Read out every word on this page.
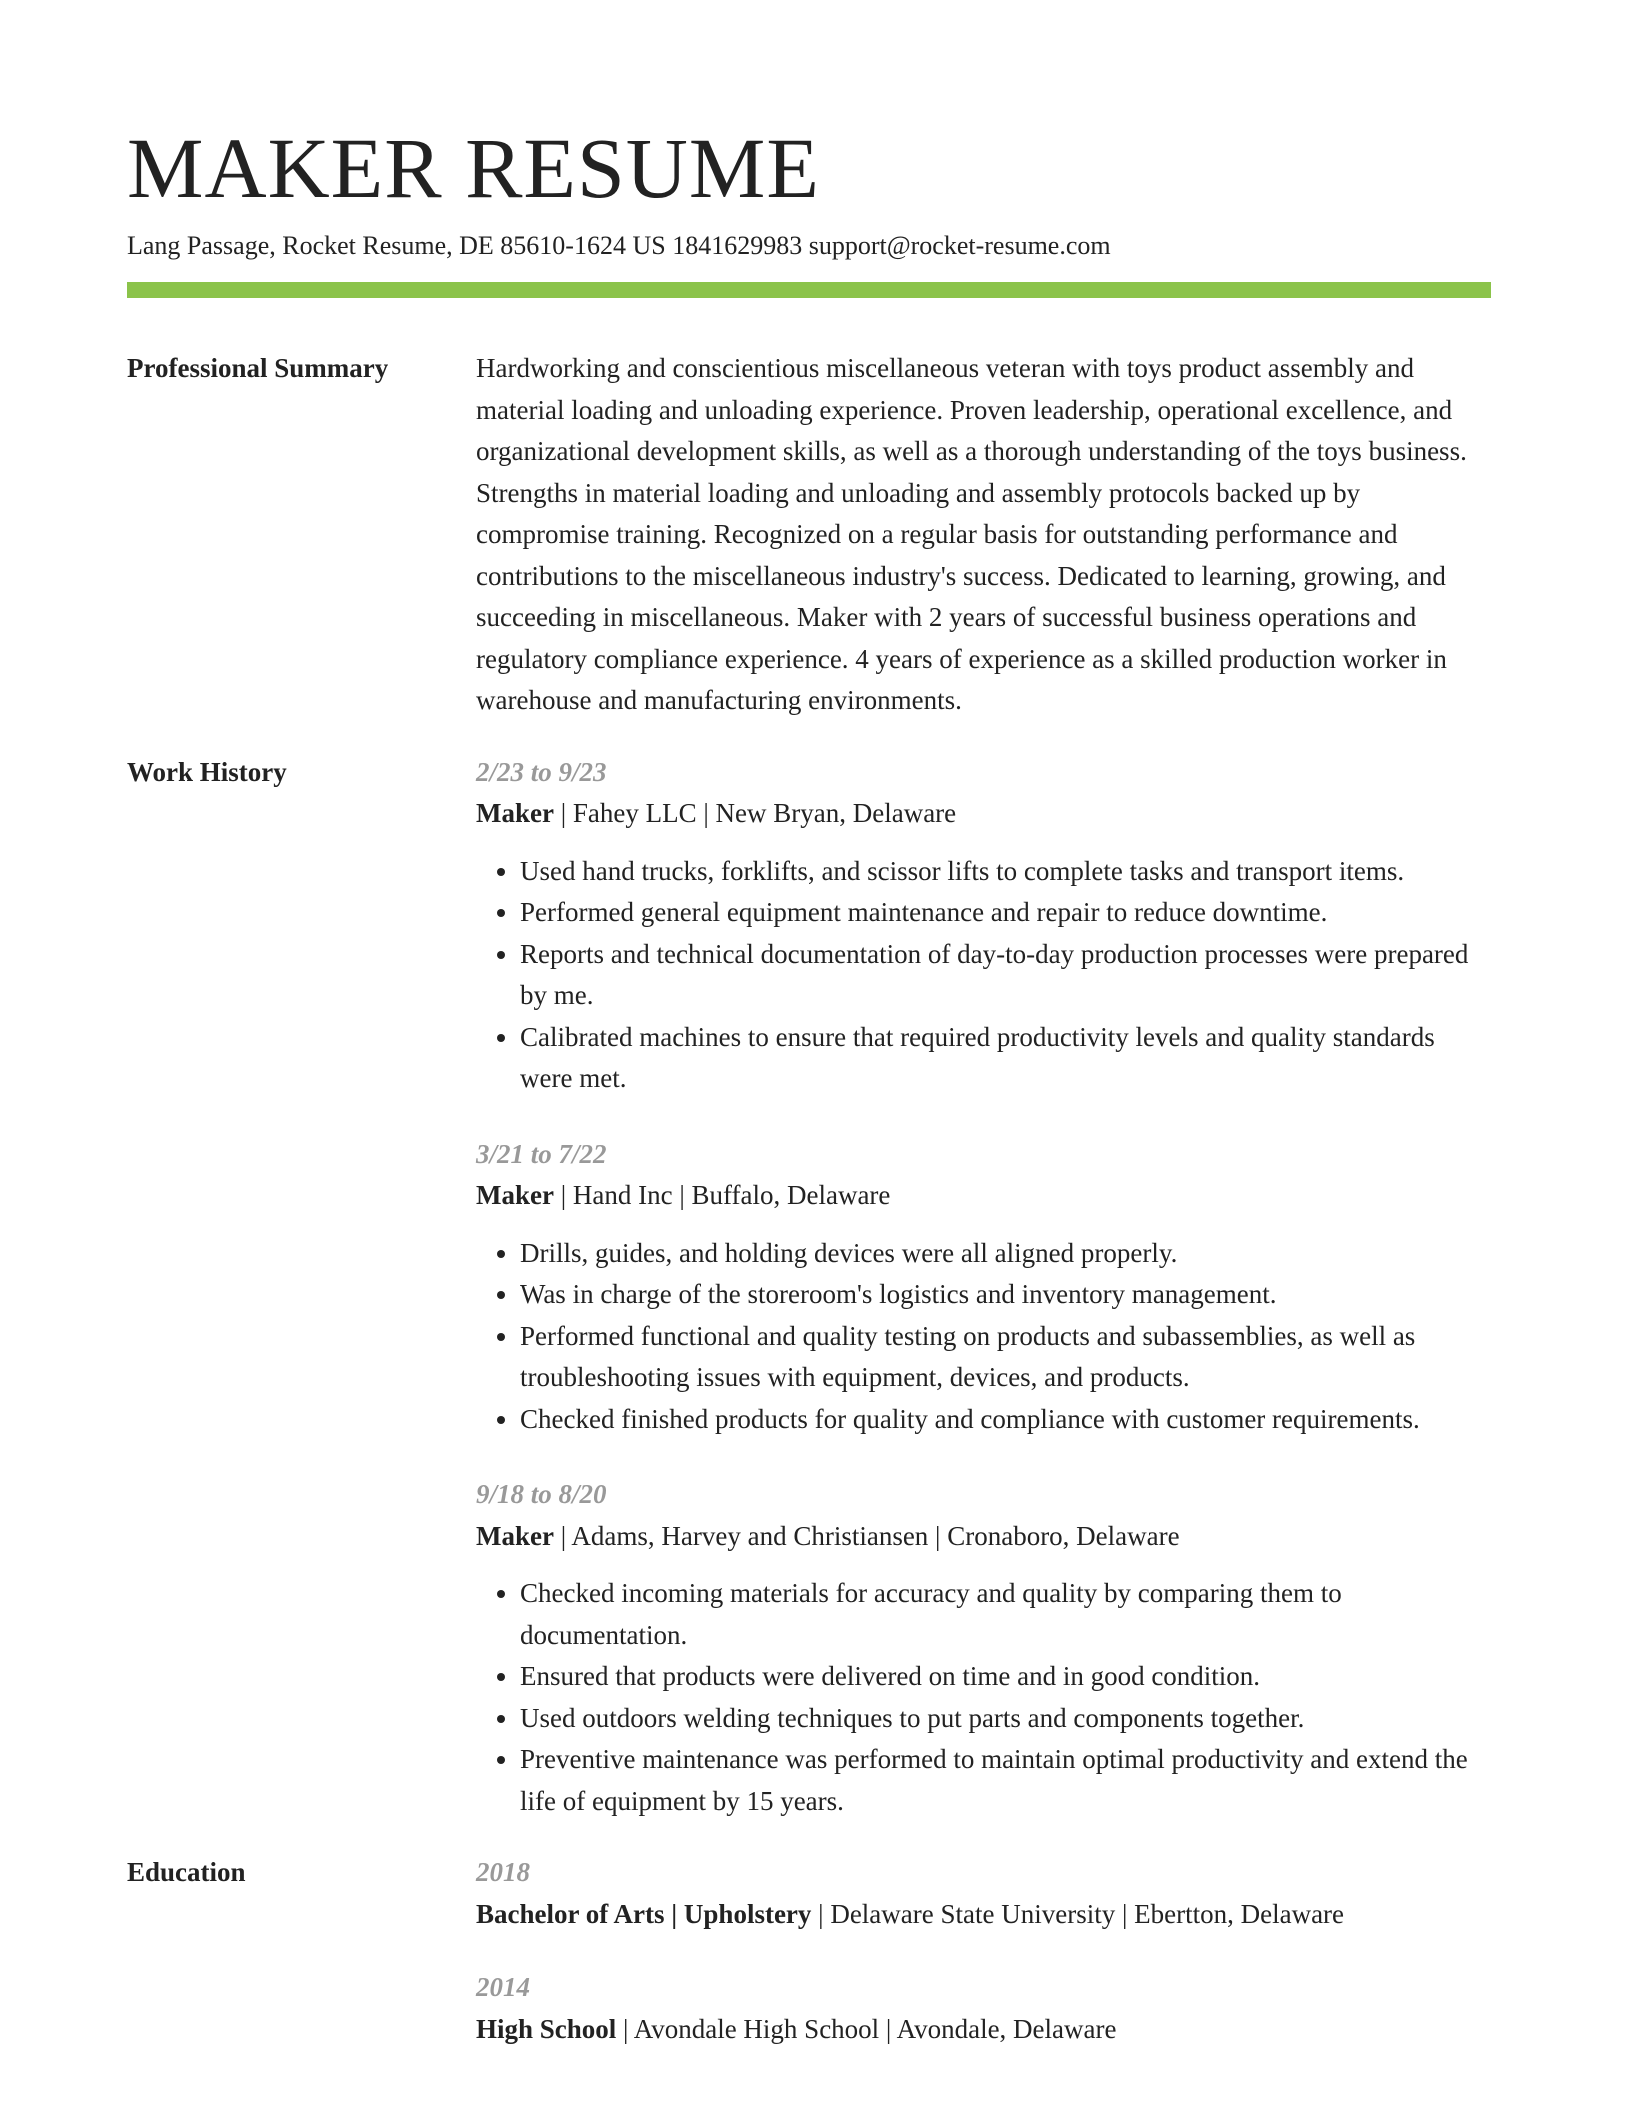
MAKER RESUME
Lang Passage, Rocket Resume, DE 85610-1624 US 1841629983 support@rocket-resume.com
Professional Summary	Hardworking and conscientious miscellaneous veteran with toys product assembly and material loading and unloading experience. Proven leadership, operational excellence, and organizational development skills, as well as a thorough understanding of the toys business. Strengths in material loading and unloading and assembly protocols backed up by compromise training. Recognized on a regular basis for outstanding performance and contributions to the miscellaneous industry's success. Dedicated to learning, growing, and succeeding in miscellaneous. Maker with 2 years of successful business operations and regulatory compliance experience. 4 years of experience as a skilled production worker in warehouse and manufacturing environments.

Work History	2/23 to 9/23
Maker | Fahey LLC | New Bryan, Delaware
• Used hand trucks, forklifts, and scissor lifts to complete tasks and transport items.
• Performed general equipment maintenance and repair to reduce downtime.
• Reports and technical documentation of day-to-day production processes were prepared by me.
• Calibrated machines to ensure that required productivity levels and quality standards were met.
3/21 to 7/22
Maker | Hand Inc | Buffalo, Delaware
• Drills, guides, and holding devices were all aligned properly.
• Was in charge of the storeroom's logistics and inventory management.
• Performed functional and quality testing on products and subassemblies, as well as troubleshooting issues with equipment, devices, and products.
• Checked finished products for quality and compliance with customer requirements.
9/18 to 8/20
Maker | Adams, Harvey and Christiansen | Cronaboro, Delaware
• Checked incoming materials for accuracy and quality by comparing them to documentation.
• Ensured that products were delivered on time and in good condition.
• Used outdoors welding techniques to put parts and components together.
• Preventive maintenance was performed to maintain optimal productivity and extend the life of equipment by 15 years.
Education	2018
Bachelor of Arts | Upholstery | Delaware State University | Ebertton, Delaware
2014
High School | Avondale High School | Avondale, Delaware
